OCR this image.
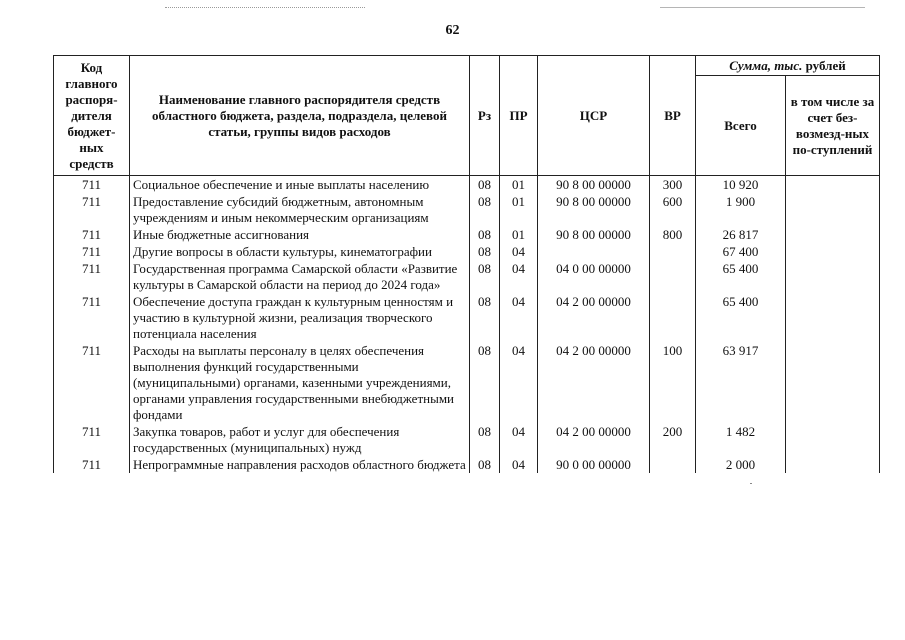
62
Код главного распоря-дителя бюджет-ных средств	Наименование главного распорядителя средств областного бюджета, раздела, подраздела, целевой статьи, группы видов расходов	Рз	ПР	ЦСР	ВР	Сумма, тыс. рублей	
						Всего	в том числе за счет без-возмезд-ных по-ступлений
711	Социальное обеспечение и иные выплаты населению	08	01	90 8 00 00000	300	10 920	
711	Предоставление субсидий бюджетным, автономным учреждениям и иным некоммерческим организациям	08	01	90 8 00 00000	600	1 900	
711	Иные бюджетные ассигнования	08	01	90 8 00 00000	800	26 817	
711	Другие вопросы в области культуры, кинематографии	08	04			67 400	
711	Государственная программа Самарской области «Развитие культуры в Самарской области на период до 2024 года»	08	04	04 0 00 00000		65 400	
711	Обеспечение доступа граждан к культурным ценностям и участию в культурной жизни, реализация творческого потенциала населения	08	04	04 2 00 00000		65 400	
711	Расходы на выплаты персоналу в целях обеспечения выполнения функций государственными (муниципальными) органами, казенными учреждениями, органами управления государственными внебюджетными фондами	08	04	04 2 00 00000	100	63 917	
711	Закупка товаров, работ и услуг для обеспечения государственных (муниципальных) нужд	08	04	04 2 00 00000	200	1 482	
711	Непрограммные направления расходов областного бюджета	08	04	90 0 00 00000		2 000	
